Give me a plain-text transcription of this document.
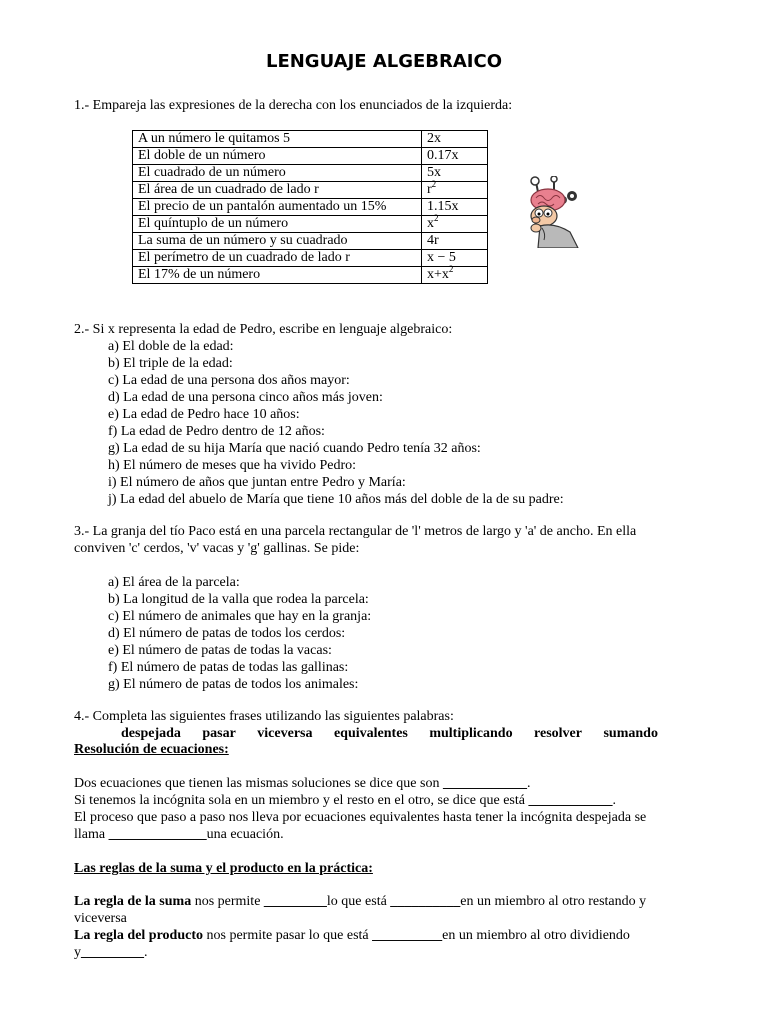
LENGUAJE ALGEBRAICO
1.- Empareja las expresiones de la derecha con los enunciados de la izquierda:
A un número le quitamos 5	2x
El doble de un número	0.17x
El cuadrado de un número	5x
El área de un cuadrado de lado r	$r^2$
El precio de un pantalón aumentado un 15%	1.15x
El quíntuplo de un número	$x^2$
La suma de un número y su cuadrado	4r
El perímetro de un cuadrado de lado r	x − 5
El 17% de un número	$x+x^2$
2.- Si x representa la edad de Pedro, escribe en lenguaje algebraico:
a) El doble de la edad:
b) El triple de la edad:
c) La edad de una persona dos años mayor:
d) La edad de una persona cinco años más joven:
e) La edad de Pedro hace 10 años:
f) La edad de Pedro dentro de 12 años:
g) La edad de su hija María que nació cuando Pedro tenía 32 años:
h) El número de meses que ha vivido Pedro:
i) El número de años que juntan entre Pedro y María:
j) La edad del abuelo de María que tiene 10 años más del doble de la de su padre:
3.- La granja del tío Paco está en una parcela rectangular de 'l' metros de largo y 'a' de ancho. En ella
conviven 'c' cerdos, 'v' vacas y 'g' gallinas. Se pide:
a) El área de la parcela:
b) La longitud de la valla que rodea la parcela:
c) El número de animales que hay en la granja:
d) El número de patas de todos los cerdos:
e) El número de patas de todas la vacas:
f) El número de patas de todas las gallinas:
g) El número de patas de todos los animales:
4.- Completa las siguientes frases utilizando las siguientes palabras:
despejada pasar viceversa equivalentes multiplicando resolver sumando
Resolución de ecuaciones:
Dos ecuaciones que tienen las mismas soluciones se dice que son ____________.
Si tenemos la incógnita sola en un miembro y el resto en el otro, se dice que está ____________.
El proceso que paso a paso nos lleva por ecuaciones equivalentes hasta tener la incógnita despejada se
llama ______________una ecuación.
Las reglas de la suma y el producto en la práctica:
La regla de la suma nos permite _________lo que está __________en un miembro al otro restando y
viceversa
La regla del producto nos permite pasar lo que está __________en un miembro al otro dividiendo
y_________.
